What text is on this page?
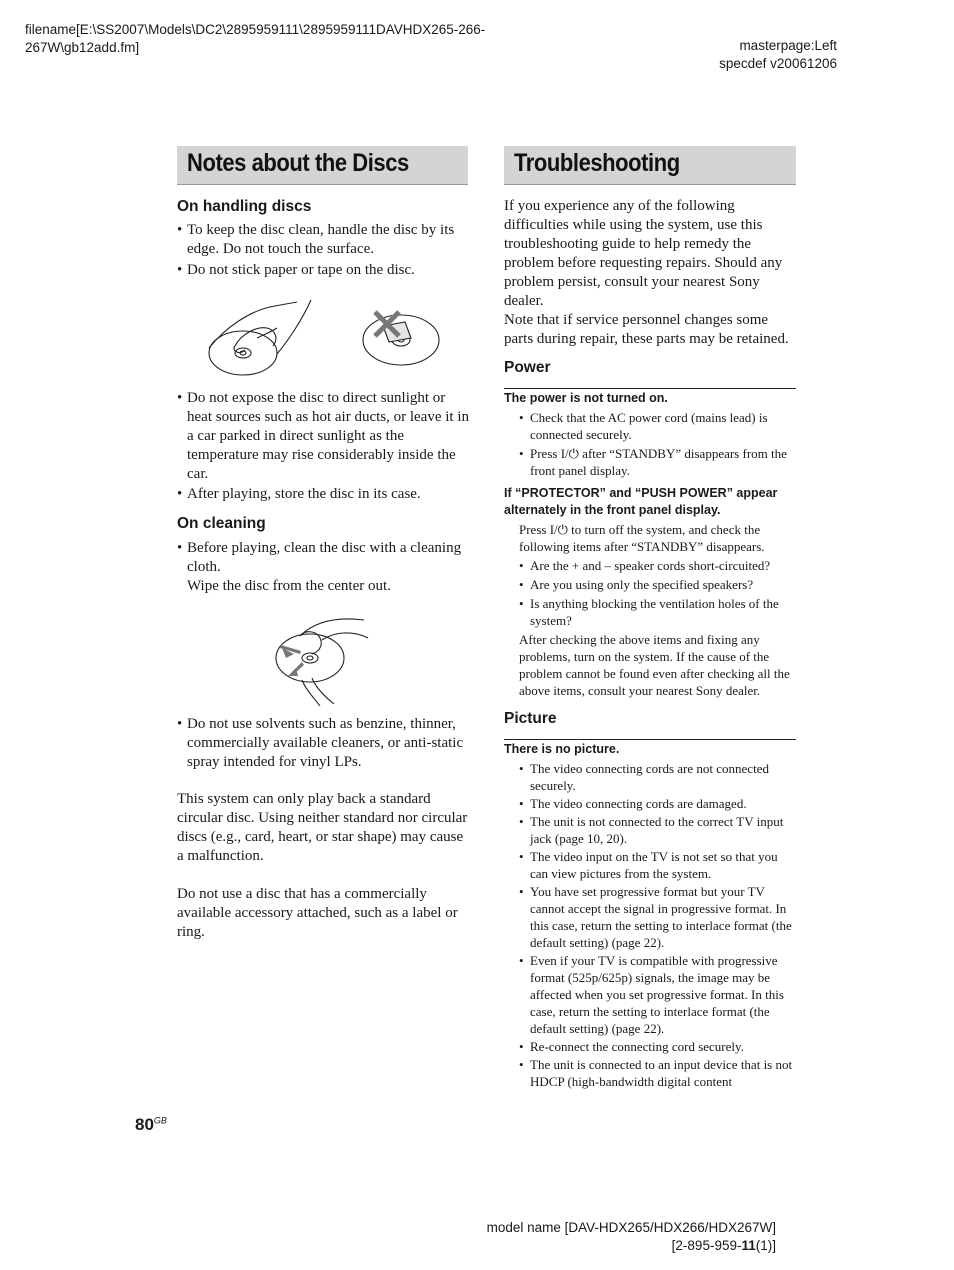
filename[E:\SS2007\Models\DC2\2895959111\2895959111DAVHDX265-266-
267W\gb12add.fm]	masterpage:Left
specdef v20061206
Notes about the Discs
On handling discs
• To keep the disc clean, handle the disc by its edge. Do not touch the surface.
• Do not stick paper or tape on the disc.
• Do not expose the disc to direct sunlight or heat sources such as hot air ducts, or leave it in a car parked in direct sunlight as the temperature may rise considerably inside the car.
• After playing, store the disc in its case.
On cleaning
• Before playing, clean the disc with a cleaning cloth.
Wipe the disc from the center out.
• Do not use solvents such as benzine, thinner, commercially available cleaners, or anti-static spray intended for vinyl LPs.

This system can only play back a standard circular disc. Using neither standard nor circular discs (e.g., card, heart, or star shape) may cause a malfunction.

Do not use a disc that has a commercially available accessory attached, such as a label or ring.

Troubleshooting

If you experience any of the following difficulties while using the system, use this troubleshooting guide to help remedy the problem before requesting repairs. Should any problem persist, consult your nearest Sony dealer.

Note that if service personnel changes some parts during repair, these parts may be retained.

Power
The power is not turned on.
• Check that the AC power cord (mains lead) is connected securely.
• Press I/⏻ after “STANDBY” disappears from the front panel display.
If “PROTECTOR” and “PUSH POWER” appear alternately in the front panel display.
Press I/⏻ to turn off the system, and check the following items after “STANDBY” disappears.
• Are the + and – speaker cords short-circuited?
• Are you using only the specified speakers?
• Is anything blocking the ventilation holes of the system?
After checking the above items and fixing any problems, turn on the system. If the cause of the problem cannot be found even after checking all the above items, consult your nearest Sony dealer.
Picture
There is no picture.
• The video connecting cords are not connected securely.
• The video connecting cords are damaged.
• The unit is not connected to the correct TV input jack (page 10, 20).
• The video input on the TV is not set so that you can view pictures from the system.
• You have set progressive format but your TV cannot accept the signal in progressive format. In this case, return the setting to interlace format (the default setting) (page 22).
• Even if your TV is compatible with progressive format (525p/625p) signals, the image may be affected when you set progressive format. In this case, return the setting to interlace format (the default setting) (page 22).
• Re-connect the connecting cord securely.
• The unit is connected to an input device that is not HDCP (high-bandwidth digital content
$80^{GB}$
model name [DAV-HDX265/HDX266/HDX267W]
[2-895-959-11(1)]
